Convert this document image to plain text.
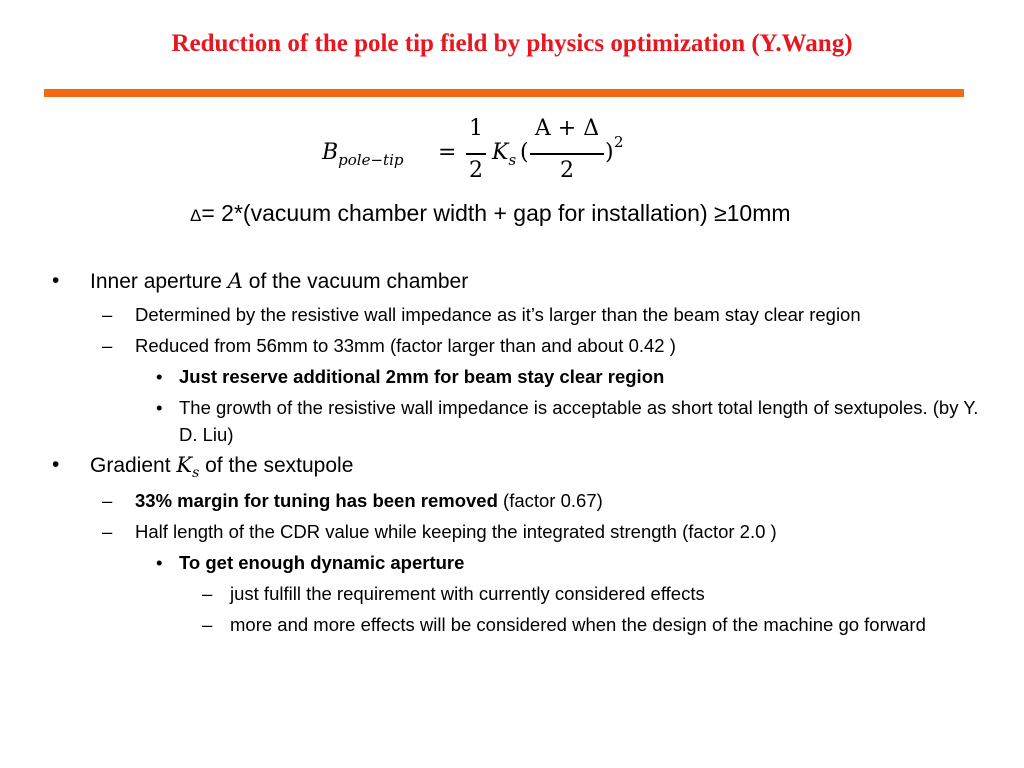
Reduction of the pole tip field by physics optimization (Y.Wang)
$B_{pole-tip}$ =
1
2
$K_s$ (
A + Δ
2
) 2
Δ= 2*(vacuum chamber width + gap for installation) ≥10mm
• Inner aperture A of the vacuum chamber
– Determined by the resistive wall impedance as it’s larger than the beam stay clear region
– Reduced from 56mm to 33mm (factor larger than and about 0.42 )
• Just reserve additional 2mm for beam stay clear region
• The growth of the resistive wall impedance is acceptable as short total length of sextupoles. (by Y. D. Liu)
• Gradient $K_s$ of the sextupole
– 33% margin for tuning has been removed (factor 0.67)
– Half length of the CDR value while keeping the integrated strength (factor 2.0 )
• To get enough dynamic aperture
– just fulfill the requirement with currently considered effects
– more and more effects will be considered when the design of the machine go forward
